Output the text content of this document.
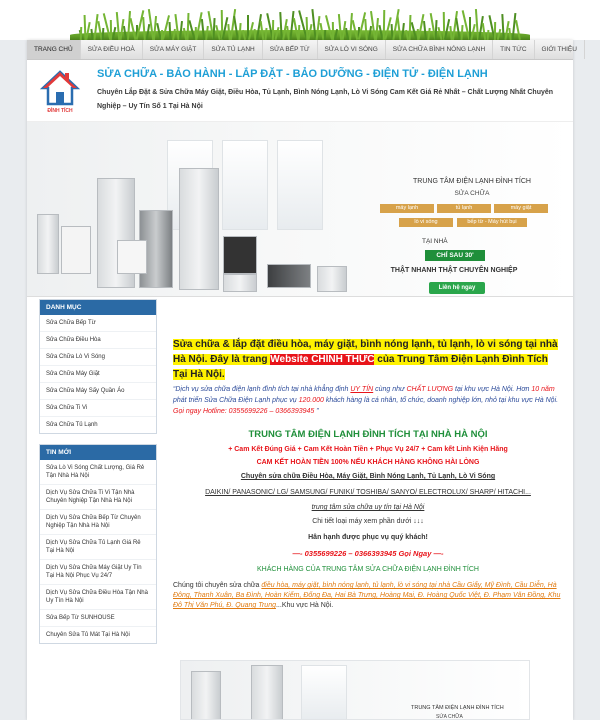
TRANG CHỦ	SỬA ĐIỀU HOÀ	SỬA MÁY GIẶT	SỬA TỦ LẠNH	SỬA BẾP TỪ	SỬA LÒ VI SÓNG	SỬA CHỮA BÌNH NÓNG LẠNH	TIN TỨC	GIỚI THIỆU
ĐÌNH TÍCH
SỬA CHỮA - BẢO HÀNH - LẮP ĐẶT - BẢO DƯỠNG - ĐIỆN TỬ - ĐIỆN LẠNH
Chuyên Lắp Đặt & Sửa Chữa Máy Giặt, Điều Hòa, Tủ Lạnh, Bình Nóng Lạnh, Lò Vi Sóng Cam Kết Giá Rẻ Nhất – Chất Lượng Nhất Chuyên Nghiệp – Uy Tín Số 1 Tại Hà Nội
TRUNG TÂM ĐIỆN LẠNH ĐÌNH TÍCH
SỬA CHỮA
máy lạnh	tủ lạnh	máy giặt
lò vi sóng	bếp từ - Máy hút bụi
TẠI NHÀ
CHỈ SAU 30'
THẬT NHANH THẬT CHUYÊN NGHIỆP
Liên hệ ngay
DANH MỤC
Sửa Chữa Bếp Từ
Sửa Chữa Điều Hòa
Sửa Chữa Lò Vi Sóng
Sửa Chữa Máy Giặt
Sửa Chữa Máy Sấy Quần Áo
Sửa Chữa Ti Vi
Sửa Chữa Tủ Lạnh
TIN MỚI
Sửa Lò Vi Sóng Chất Lượng, Giá Rẻ Tận Nhà Hà Nội
Dịch Vụ Sửa Chữa Ti Vi Tận Nhà Chuyên Nghiệp Tận Nhà Hà Nội
Dịch Vụ Sửa Chữa Bếp Từ Chuyên Nghiệp Tận Nhà Hà Nội
Dịch Vụ Sửa Chữa Tủ Lạnh Giá Rẻ Tại Hà Nội
Dịch Vụ Sửa Chữa Máy Giặt Uy Tín Tại Hà Nội Phục Vụ 24/7
Dịch Vụ Sửa Chữa Điều Hòa Tận Nhà Uy Tín Hà Nội
Sửa Bếp Từ SUNHOUSE
Chuyên Sửa Tủ Mát Tại Hà Nội
Sửa chữa & lắp đặt điều hòa, máy giặt, bình nóng lạnh, tủ lạnh, lò vi sóng tại nhà Hà Nội. Đây là trang Website CHÍNH THỨC của Trung Tâm Điện Lạnh Đình Tích Tại Hà Nội.
“Dịch vụ sửa chữa điện lạnh đình tích tại nhà khẳng định UY TÍN cùng như CHẤT LƯỢNG tại khu vực Hà Nội. Hơn 10 năm phát triển Sửa Chữa Điện Lạnh phục vụ 120.000 khách hàng là cá nhân, tổ chức, doanh nghiệp lớn, nhỏ tại khu vực Hà Nội. Gọi ngay Hotline: 0355699226 – 0366393945 ”
TRUNG TÂM ĐIỆN LẠNH ĐÌNH TÍCH TẠI NHÀ HÀ NỘI
+ Cam Kết Đúng Giá + Cam Kết Hoàn Tiền + Phục Vụ 24/7 + Cam kết Linh Kiện Hãng
CAM KẾT HOÀN TIỀN 100% NẾU KHÁCH HÀNG KHÔNG HÀI LÒNG
Chuyên sửa chữa Điều Hòa, Máy Giặt, Bình Nóng Lạnh, Tủ Lạnh, Lò Vi Sóng
DAIKIN/ PANASONIC/ LG/ SAMSUNG/ FUNIKI/ TOSHIBA/ SANYO/ ELECTROLUX/ SHARP/ HITACHI...
trung tâm sửa chữa uy tín tại Hà Nội
Chi tiết loại máy xem phần dưới ↓↓↓
Hân hạnh được phục vụ quý khách!
—- 0355699226 – 0366393945 Gọi Ngay —-
KHÁCH HÀNG CỦA TRUNG TÂM SỬA CHỮA ĐIỆN LẠNH ĐÌNH TÍCH
Chúng tôi chuyên sửa chữa điều hòa, máy giặt, bình nóng lạnh, tủ lạnh, lò vi sóng tại nhà Cầu Giấy, Mỹ Đình, Cầu Diễn, Hà Đông, Thanh Xuân, Ba Đình, Hoàn Kiếm, Đống Đa, Hai Bà Trưng, Hoàng Mai, Đ. Hoàng Quốc Việt, Đ. Phạm Văn Đồng, Khu Đô Thị Văn Phú, Đ. Quang Trung...Khu vực Hà Nội.
TRUNG TÂM ĐIỆN LẠNH ĐÌNH TÍCH
SỬA CHỮA
